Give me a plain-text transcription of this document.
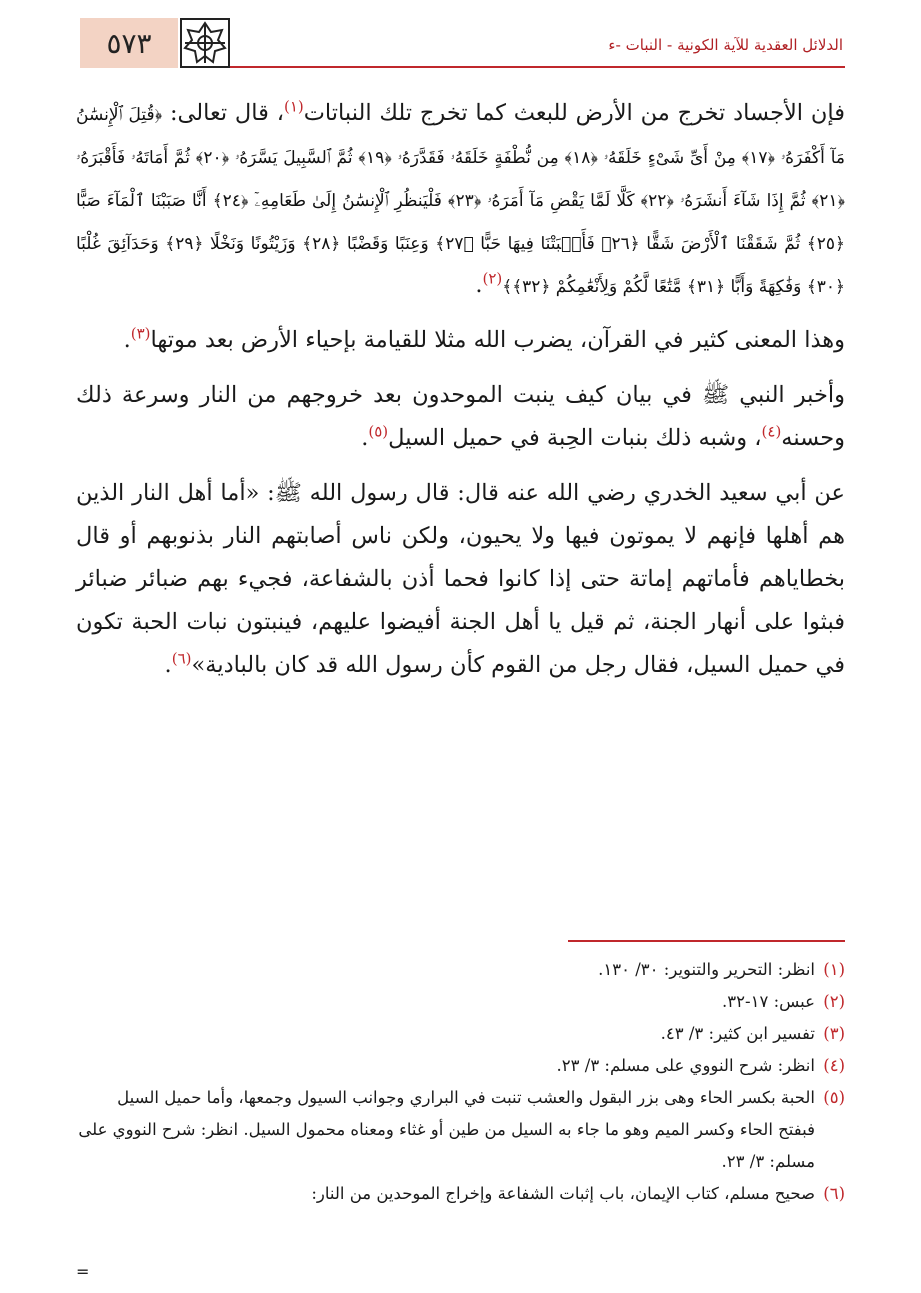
٥٧٣	الدلائل العقدية للآية الكونية - النبات -ء

فإن الأجساد تخرج من الأرض للبعث كما تخرج تلك النباتات$^{(١)}$، قال تعالى: ﴿قُتِلَ ٱلْإِنسَٰنُ مَآ أَكْفَرَهُۥ ﴿١٧﴾ مِنْ أَىِّ شَىْءٍ خَلَقَهُۥ ﴿١٨﴾ مِن نُّطْفَةٍ خَلَقَهُۥ فَقَدَّرَهُۥ ﴿١٩﴾ ثُمَّ ٱلسَّبِيلَ يَسَّرَهُۥ ﴿٢٠﴾ ثُمَّ أَمَاتَهُۥ فَأَقْبَرَهُۥ ﴿٢١﴾ ثُمَّ إِذَا شَآءَ أَنشَرَهُۥ ﴿٢٢﴾ كَلَّا لَمَّا يَقْضِ مَآ أَمَرَهُۥ ﴿٢٣﴾ فَلْيَنظُرِ ٱلْإِنسَٰنُ إِلَىٰ طَعَامِهِۦٓ ﴿٢٤﴾ أَنَّا صَبَبْنَا ٱلْمَآءَ صَبًّا ﴿٢٥﴾ ثُمَّ شَقَقْنَا ٱلْأَرْضَ شَقًّا ﴿٢٦﴾ فَأَنۢبَتْنَا فِيهَا حَبًّا ﴿٢٧﴾ وَعِنَبًا وَقَضْبًا ﴿٢٨﴾ وَزَيْتُونًا وَنَخْلًا ﴿٢٩﴾ وَحَدَآئِقَ غُلْبًا ﴿٣٠﴾ وَفَٰكِهَةً وَأَبًّا ﴿٣١﴾ مَّتَٰعًا لَّكُمْ وَلِأَنْعَٰمِكُمْ ﴿٣٢﴾﴾$^{(٢)}$.

وهذا المعنى كثير في القرآن، يضرب الله مثلا للقيامة بإحياء الأرض بعد موتها$^{(٣)}$.

وأخبر النبي ﷺ في بيان كيف ينبت الموحدون بعد خروجهم من النار وسرعة ذلك وحسنه$^{(٤)}$، وشبه ذلك بنبات الحِبة في حميل السيل$^{(٥)}$.

عن أبي سعيد الخدري رضي الله عنه قال: قال رسول الله ﷺ: «أما أهل النار الذين هم أهلها فإنهم لا يموتون فيها ولا يحيون، ولكن ناس أصابتهم النار بذنوبهم أو قال بخطاياهم فأماتهم إماتة حتى إذا كانوا فحما أذن بالشفاعة، فجيء بهم ضبائر ضبائر فبثوا على أنهار الجنة، ثم قيل يا أهل الجنة أفيضوا عليهم، فينبتون نبات الحبة تكون في حميل السيل، فقال رجل من القوم كأن رسول الله قد كان بالبادية»$^{(٦)}$.

(١)
انظر: التحرير والتنوير: ٣٠/ ١٣٠.

(٢)
عبس: ١٧-٣٢.

(٣)
تفسير ابن كثير: ٣/ ٤٣.

(٤)
انظر: شرح النووي على مسلم: ٣/ ٢٣.

(٥)
الحبة بكسر الحاء وهى بزر البقول والعشب تنبت في البراري وجوانب السيول وجمعها، وأما حميل السيل فبفتح الحاء وكسر الميم وهو ما جاء به السيل من طين أو غثاء ومعناه محمول السيل. انظر: شرح النووي على مسلم: ٣/ ٢٣.

(٦)
صحيح مسلم، كتاب الإيمان، باب إثبات الشفاعة وإخراج الموحدين من النار:

=
